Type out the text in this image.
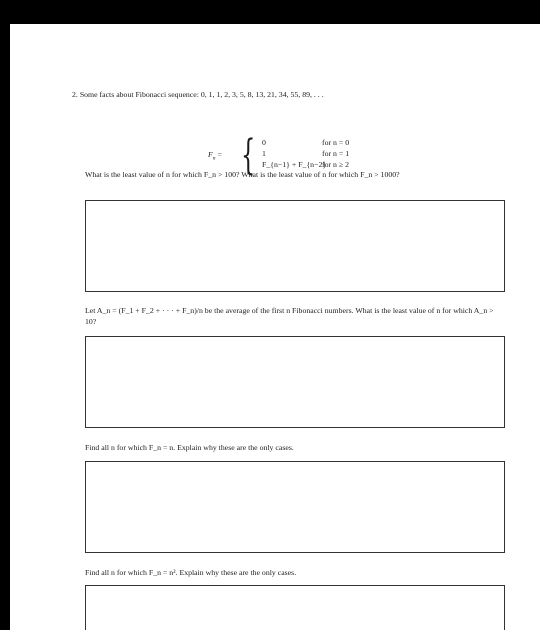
2. Some facts about Fibonacci sequence: 0, 1, 1, 2, 3, 5, 8, 13, 21, 34, 55, 89, . . .
$F_n$ = { 0	for n = 0
1	for n = 1
F_{n−1} + F_{n−2}
for n ≥ 2
What is the least value of n for which F_n > 100? What is the least value of n for which F_n > 1000?
Let A_n = (F_1 + F_2 + · · · + F_n)/n be the average of the first n Fibonacci numbers. What is the least value of n for which A_n > 10?
Find all n for which F_n = n. Explain why these are the only cases.
Find all n for which F_n = n². Explain why these are the only cases.
